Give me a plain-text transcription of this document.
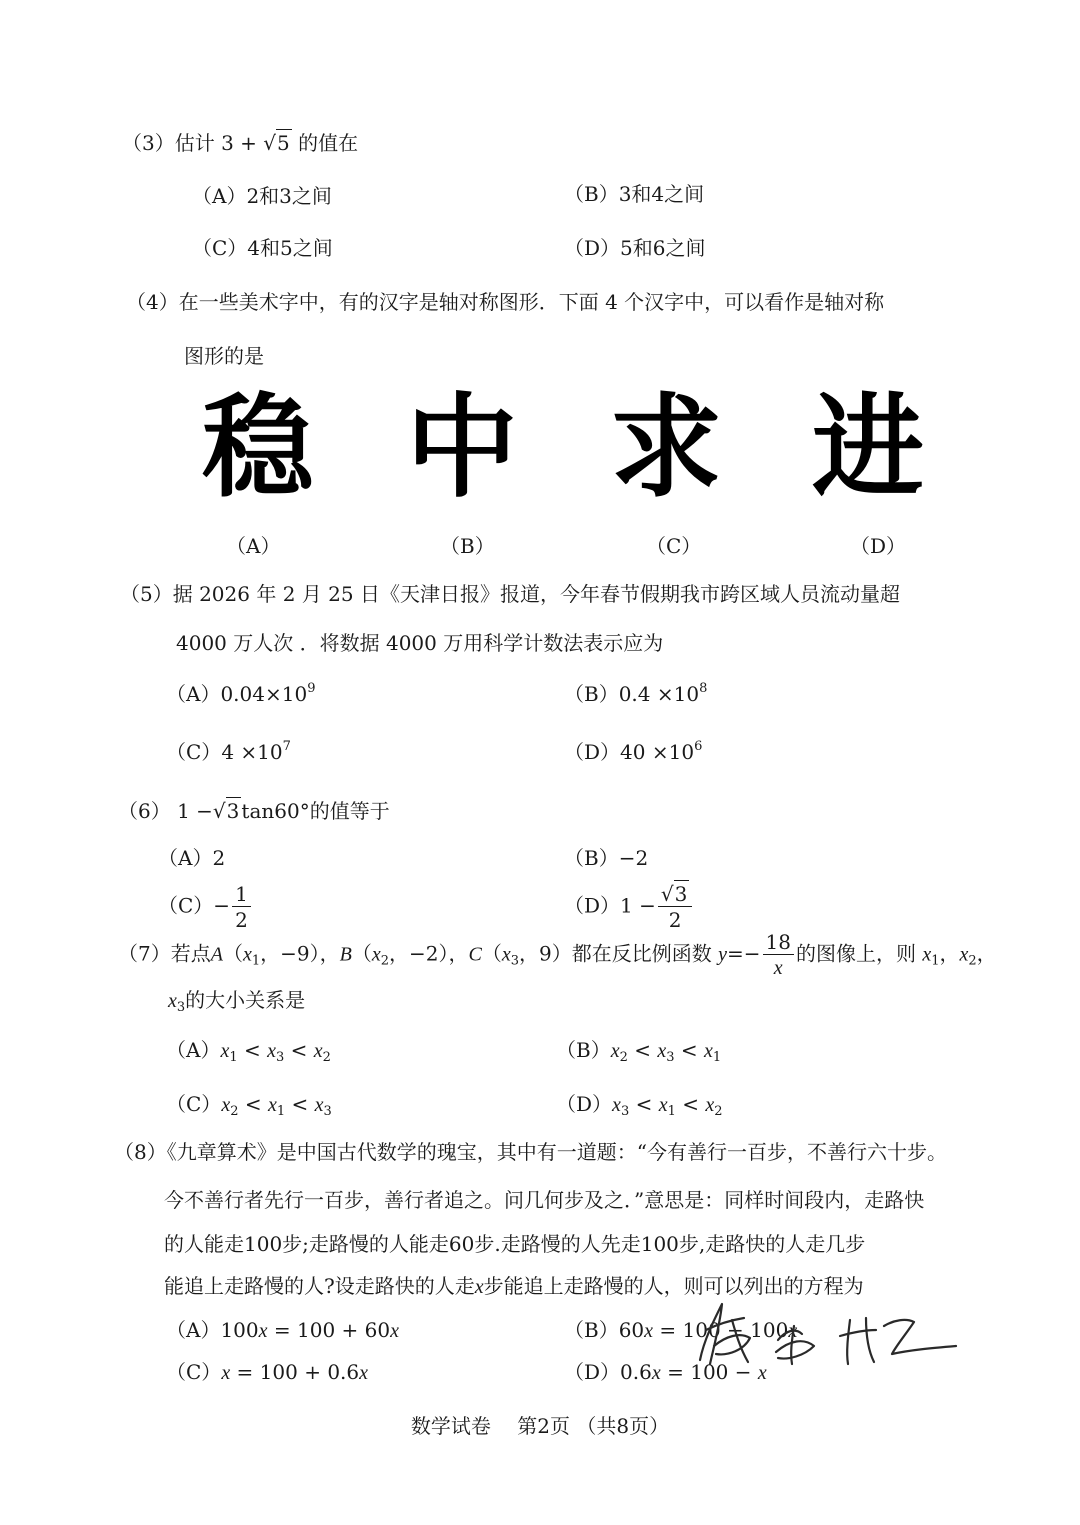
（3）估计 3 + √5 的值在
（A）2和3之间	（B）3和4之间
（C）4和5之间	（D）5和6之间
（4）在一些美术字中，有的汉字是轴对称图形．下面 4 个汉字中，可以看作是轴对称
图形的是
稳 中 求 进
（A）	（B）	（C）	（D）
（5）据 2026 年 2 月 25 日《天津日报》报道，今年春节假期我市跨区域人员流动量超
4000 万人次 ．将数据 4000 万用科学计数法表示应为
$(A)0.04\times 10^9$	$(B)0.4 \times 10^8$
$(C)4 \times 10^7$	$(D)40 \times 10^6$
（6） 1 −√3 tan60°的值等于
（A）2	（B）−2
$(C)- \frac{1}{2}$	$(D)1 - \frac{√3}{2}$
（7）若点$A(x_1$，−9），$B(x_2$，−2），$C(x_3$，9）都在反比例函数 $y=- \frac{18}{x}$ 的图像上，则 $x_1$，$x_2$，
$x_3$的大小关系是
$(A)x_1 < x_3 < x_2$	$(B)x_2 < x_3 < x_1$
$(C)x_2 < x_1 < x_3$	$(D)x_3 < x_1 < x_2$
（8）《九章算术》是中国古代数学的瑰宝，其中有一道题：“今有善行一百步，不善行六十步。
今不善行者先行一百步，善行者追之。问几何步及之．”意思是：同样时间段内，走路快
的人能走100步;走路慢的人能走60步.走路慢的人先走100步,走路快的人走几步
能追上走路慢的人?设走路快的人走x步能追上走路慢的人，则可以列出的方程为
（A）100x = 100 + 60x	（B）60x = 100 − 100x
（C）x = 100 + 0.6x	（D）0.6x = 100 − x
数学试卷　 第2页 （共8页）
